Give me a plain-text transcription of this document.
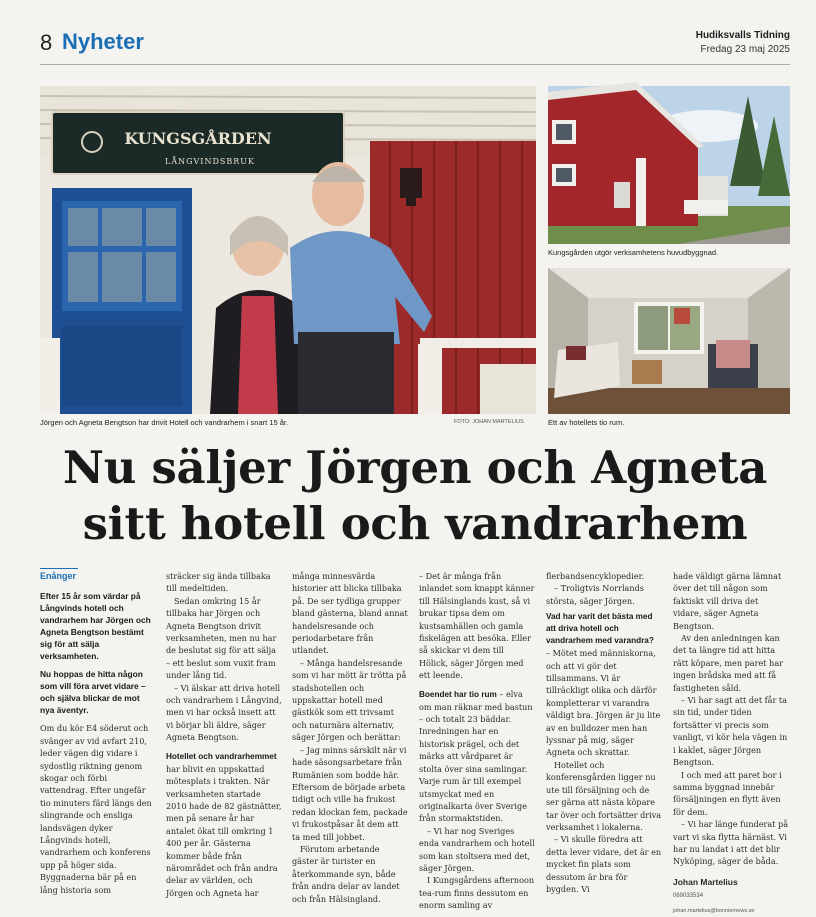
8 Nyheter	Hudiksvalls Tidning
Fredag 23 maj 2025
KUNGSGÅRDEN
LÅNGVINDSBRUK
Jörgen och Agneta Bengtson har drivit Hotell och vandrarhem i snart 15 år.	FOTO: JOHAN MARTELIUS
Kungsgården utgör verksamhetens huvudbyggnad.
Ett av hotellets tio rum.
Nu säljer Jörgen och Agneta
sitt hotell och vandrarhem
Enånger

Efter 15 år som värdar på Långvinds hotell och vandrarhem har Jörgen och Agneta Bengtson bestämt sig för att sälja verksamheten.

Nu hoppas de hitta någon som vill föra arvet vidare – och själva blickar de mot nya äventyr.

Om du kör E4 söderut och svänger av vid avfart 210, leder vägen dig vidare i sydostlig riktning genom skogar och förbi vattendrag. Efter ungefär tio minuters färd längs den slingrande och ensliga landsvägen dyker Långvinds hotell, vandrarhem och konferens upp på höger sida. Byggnaderna bär på en lång historia som

sträcker sig ända tillbaka till medeltiden.

Sedan omkring 15 år tillbaka har Jörgen och Agneta Bengtson drivit verksamheten, men nu har de beslutat sig för att sälja – ett beslut som vuxit fram under lång tid.

– Vi älskar att driva hotell och vandrarhem i Långvind, men vi har också insett att vi börjar bli äldre, säger Agneta Bengtson.

Hotellet och vandrarhemmet har blivit en uppskattad mötesplats i trakten. När verksamheten startade 2010 hade de 82 gästnätter, men på senare år har antalet ökat till omkring 1 400 per år. Gästerna kommer både från närområdet och från andra delar av världen, och Jörgen och Agneta har

många minnesvärda historier att blicka tillbaka på. De ser tydliga grupper bland gästerna, bland annat handelsresande och periodarbetare från utlandet.

– Många handelsresande som vi har mött är trötta på stadshotellen och uppskattar hotell med gästkök som ett trivsamt och naturnära alternativ, säger Jörgen och berättar:

– Jag minns särskilt när vi hade säsongsarbetare från Rumänien som bodde här. Eftersom de började arbeta tidigt och ville ha frukost redan klockan fem, packade vi frukostpåsar åt dem att ta med till jobbet.

Förutom arbetande gäster är turister en återkommande syn, både från andra delar av landet och från Hälsingland.

– Det är många från inlandet som knappt känner till Hälsinglands kust, så vi brukar tipsa dem om kustsamhällen och gamla fiskelägen att besöka. Eller så skickar vi dem till Hölick, säger Jörgen med ett leende.

Boendet har tio rum – elva om man räknar med bastun – och totalt 23 bäddar. Inredningen har en historisk prägel, och det märks att vårdparet är stolta över sina samlingar. Varje rum är till exempel utsmyckat med en originalkarta över Sverige från stormaktstiden.

– Vi har nog Sveriges enda vandrarhem och hotell som kan stoltsera med det, säger Jörgen.

I Kungsgårdens afternoon tea-rum finns dessutom en enorm samling av

flerbandsencyklopedier.

– Troligtvis Norrlands största, säger Jörgen.

Vad har varit det bästa med att driva hotell och vandrarhem med varandra?

– Mötet med människorna, och att vi gör det tillsammans. Vi är tillräckligt olika och därför kompletterar vi varandra väldigt bra. Jörgen är ju lite av en bulldozer men han lyssnar på mig, säger Agneta och skrattar.

Hotellet och konferensgården ligger nu ute till försäljning och de ser gärna att nästa köpare tar över och fortsätter driva verksamhet i lokalerna.

– Vi skulle föredra att detta lever vidare, det är en mycket fin plats som dessutom är bra för bygden. Vi

hade väldigt gärna lämnat över det till någon som faktiskt vill driva det vidare, säger Agneta Bengtson.

Av den anledningen kan det ta längre tid att hitta rätt köpare, men paret har ingen brådska med att få fastigheten såld.

– Vi har sagt att det får ta sin tid, under tiden fortsätter vi precis som vanligt, vi kör hela vägen in i kaklet, säger Jörgen Bengtson.

I och med att paret bor i samma byggnad innebär försäljningen en flytt även för dem.

– Vi har länge funderat på vart vi ska flytta härnäst. Vi har nu landat i att det blir Nyköping, säger de båda.

Johan Martelius
069033534
johan.martelius@bonniernews.se
